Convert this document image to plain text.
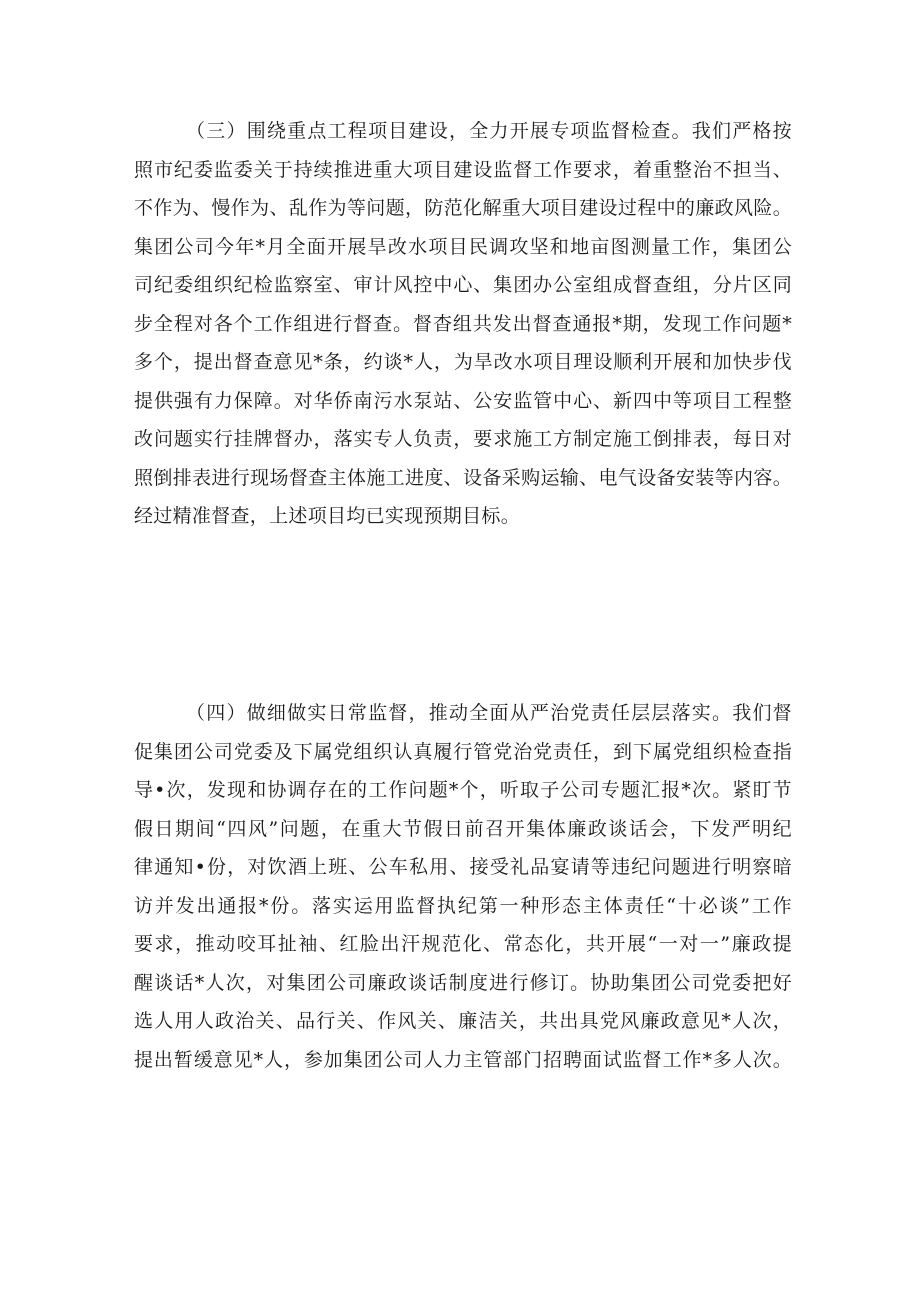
（三）围绕重点工程项目建设，全力开展专项监督检查。我们严格按
照市纪委监委关于持续推进重大项目建设监督工作要求，着重整治不担当、
不作为、慢作为、乱作为等问题，防范化解重大项目建设过程中的廉政风险。
集团公司今年*月全面开展旱改水项目民调攻坚和地亩图测量工作，集团公
司纪委组织纪检监察室、审计风控中心、集团办公室组成督查组，分片区同
步全程对各个工作组进行督查。督杳组共发出督查通报*期，发现工作问题*
多个，提出督查意见*条，约谈*人，为旱改水项目理设顺利开展和加快步伐
提供强有力保障。对华侨南污水泵站、公安监管中心、新四中等项目工程整
改问题实行挂牌督办，落实专人负责，要求施工方制定施工倒排表，每日对
照倒排表进行现场督查主体施工进度、设备采购运输、电气设备安装等内容。
经过精准督查，上述项目均已实现预期目标。
（四）做细做实日常监督，推动全面从严治党责任层层落实。我们督
促集团公司党委及下属党组织认真履行管党治党责任，到下属党组织检查指
导•次，发现和协调存在的工作问题*个，听取子公司专题汇报*次。紧盯节
假日期间“四风”问题，在重大节假日前召开集体廉政谈话会，下发严明纪
律通知•份，对饮酒上班、公车私用、接受礼品宴请等违纪问题进行明察暗
访并发出通报*份。落实运用监督执纪第一种形态主体责任“十必谈”工作
要求，推动咬耳扯袖、红脸出汗规范化、常态化，共开展“一对一”廉政提
醒谈话*人次，对集团公司廉政谈话制度进行修订。协助集团公司党委把好
选人用人政治关、品行关、作风关、廉洁关，共出具党风廉政意见*人次，
提出暂缓意见*人，参加集团公司人力主管部门招聘面试监督工作*多人次。
